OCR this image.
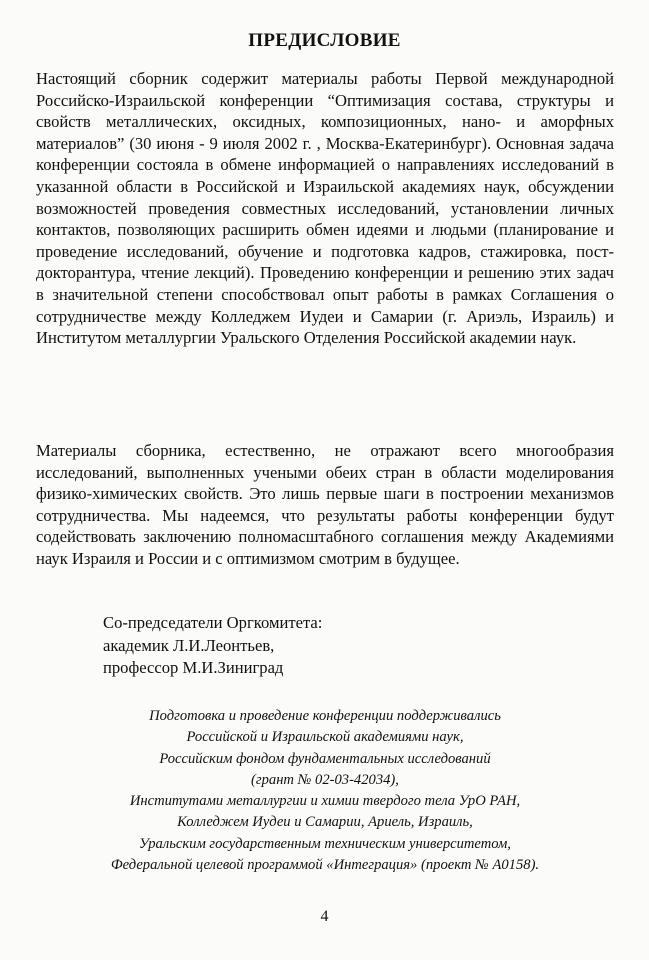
ПРЕДИСЛОВИЕ

Настоящий сборник содержит материалы работы Первой международной Российско-Израильской конференции “Оптимизация состава, структуры и свойств металлических, оксидных, композиционных, нано- и аморфных материалов” (30 июня - 9 июля 2002 г. , Москва-Екатеринбург). Основная задача конференции состояла в обмене информацией о направлениях исследований в указанной области в Российской и Израильской академиях наук, обсуждении возможностей проведения совместных исследований, установлении личных контактов, позволяющих расширить обмен идеями и людьми (планирование и проведение исследований, обучение и подготовка кадров, стажировка, пост-докторантура, чтение лекций). Проведению конференции и решению этих задач в значительной степени способствовал опыт работы в рамках Соглашения о сотрудничестве между Колледжем Иудеи и Самарии (г. Ариэль, Израиль) и Институтом металлургии Уральского Отделения Российской академии наук.

Материалы сборника, естественно, не отражают всего многообразия исследований, выполненных учеными обеих стран в области моделирования физико-химических свойств. Это лишь первые шаги в построении механизмов сотрудничества. Мы надеемся, что результаты работы конференции будут содействовать заключению полномасштабного соглашения между Академиями наук Израиля и России и с оптимизмом смотрим в будущее.

Со-председатели Оргкомитета:
академик Л.И.Леонтьев,
профессор М.И.Зиниград
Подготовка и проведение конференции поддерживались
Российской и Израильской академиями наук,
Российским фондом фундаментальных исследований
(грант № 02-03-42034),
Институтами металлургии и химии твердого тела УрО РАН,
Колледжем Иудеи и Самарии, Ариель, Израиль,
Уральским государственным техническим университетом,
Федеральной целевой программой «Интеграция» (проект № А0158).
4
